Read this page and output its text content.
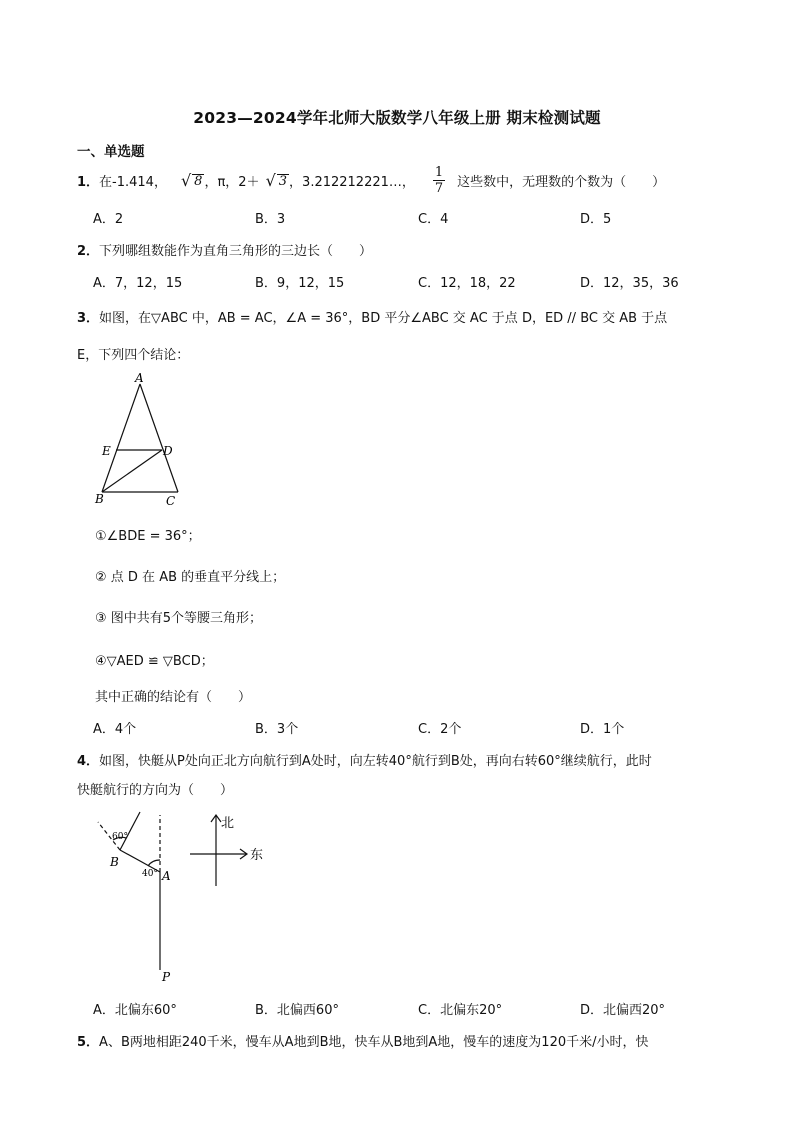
2023—2024学年北师大版数学八年级上册 期末检测试题
一、单选题
1． 在-1.414， √ 8 ，π，2＋ √ 3 ，3.212212221…， $\frac{1}{7}$ 这些数中，无理数的个数为（　　）
A．2	B．3	C．4	D．5
2．下列哪组数能作为直角三角形的三边长（　　）
A．7，12，15	B．9，12，15	C．12，18，22	D．12，35，36
3．如图，在▽ABC 中，AB = AC，∠A = 36°，BD 平分∠ABC 交 AC 于点 D，ED // BC 交 AB 于点
E，下列四个结论：
A
E	D
B	C
①∠BDE = 36°；
② 点 D 在 AB 的垂直平分线上；
③ 图中共有5个等腰三角形；
④▽AED ≌ ▽BCD；
其中正确的结论有（　　）
A．4个	B．3个	C．2个	D．1个
4．如图，快艇从P处向正北方向航行到A处时，向左转40°航行到B处，再向右转60°继续航行，此时
快艇航行的方向为（　　）
60°
40°
B
A
P
北
东
A．北偏东60°	B．北偏西60°	C．北偏东20°	D．北偏西20°
5．A、B两地相距240千米，慢车从A地到B地，快车从B地到A地，慢车的速度为120千米/小时，快
